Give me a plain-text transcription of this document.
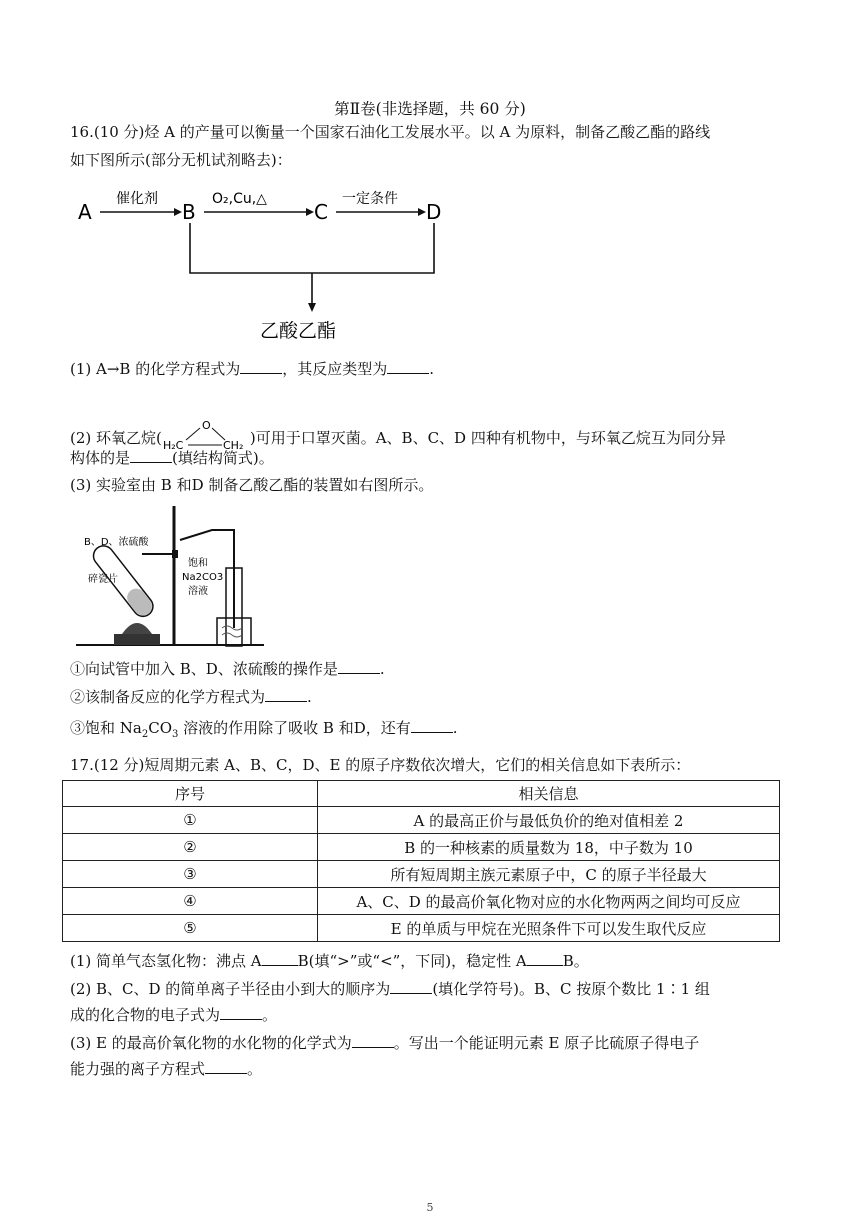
第Ⅱ卷(非选择题，共 60 分)
16.(10 分)烃 A 的产量可以衡量一个国家石油化工发展水平。以 A 为原料，制备乙酸乙酯的路线
如下图所示(部分无机试剂略去)：
A
催化剂
B
O₂,Cu,△
C
一定条件
D
乙酸乙酯
(1) A→B 的化学方程式为	，其反应类型为	.
(2) 环氧乙烷(
O
H₂C	CH₂ )可用于口罩灭菌。A、B、C、D 四种有机物中，与环氧乙烷互为同分异
构体的是	(填结构简式)。
(3) 实验室由 B 和D 制备乙酸乙酯的装置如右图所示。
B、D、浓硫酸
碎瓷片
饱和
Na2CO3
溶液
①向试管中加入 B、D、浓硫酸的操作是	.
②该制备反应的化学方程式为	.
③饱和 $Na_2CO_3$ 溶液的作用除了吸收 B 和D，还有	.
17.(12 分)短周期元素 A、B、C，D、E 的原子序数依次增大，它们的相关信息如下表所示：
序号	相关信息
①	A 的最高正价与最低负价的绝对值相差 2
②	B 的一种核素的质量数为 18，中子数为 10
③	所有短周期主族元素原子中，C 的原子半径最大
④	A、C、D 的最高价氧化物对应的水化物两两之间均可反应
⑤	E 的单质与甲烷在光照条件下可以发生取代反应
(1) 简单气态氢化物：沸点 A B(填“>”或“<”，下同)，稳定性 A B。
(2) B、C、D 的简单离子半径由小到大的顺序为	(填化学符号)。B、C 按原个数比 1∶1 组
成的化合物的电子式为	。
(3) E 的最高价氧化物的水化物的化学式为	。写出一个能证明元素 E 原子比硫原子得电子
能力强的离子方程式	。
5
